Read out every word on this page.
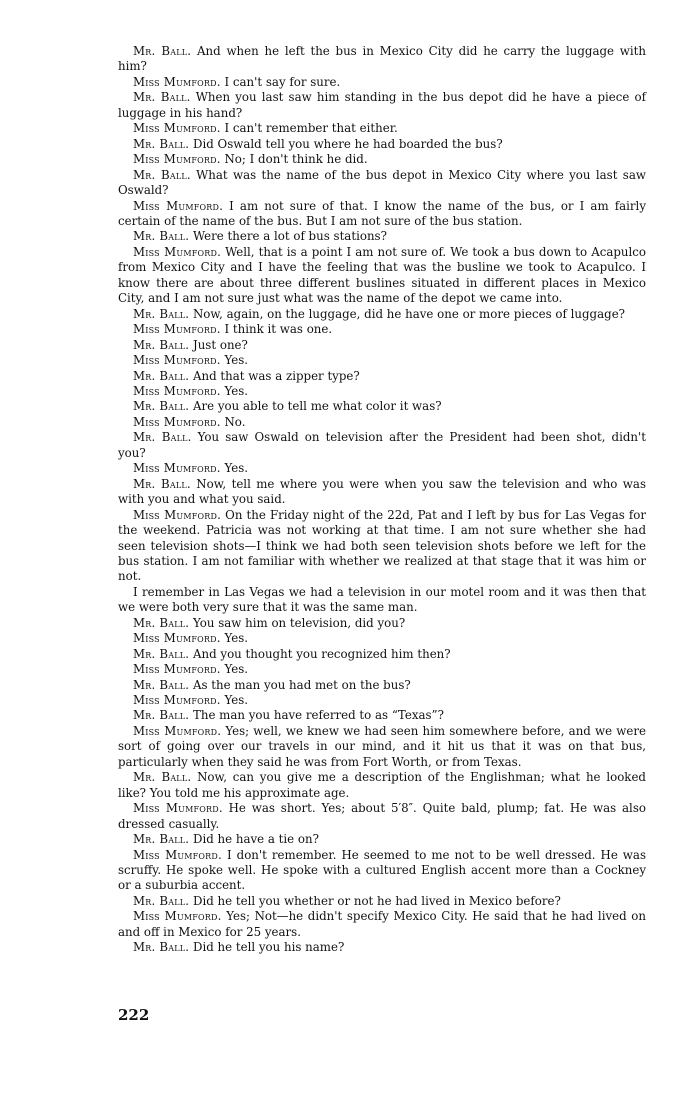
Mr. Ball. And when he left the bus in Mexico City did he carry the luggage with him?

Miss Mumford. I can't say for sure.

Mr. Ball. When you last saw him standing in the bus depot did he have a piece of luggage in his hand?

Miss Mumford. I can't remember that either.

Mr. Ball. Did Oswald tell you where he had boarded the bus?

Miss Mumford. No; I don't think he did.

Mr. Ball. What was the name of the bus depot in Mexico City where you last saw Oswald?

Miss Mumford. I am not sure of that. I know the name of the bus, or I am fairly certain of the name of the bus. But I am not sure of the bus station.

Mr. Ball. Were there a lot of bus stations?

Miss Mumford. Well, that is a point I am not sure of. We took a bus down to Acapulco from Mexico City and I have the feeling that was the busline we took to Acapulco. I know there are about three different buslines situated in different places in Mexico City, and I am not sure just what was the name of the depot we came into.

Mr. Ball. Now, again, on the luggage, did he have one or more pieces of luggage?

Miss Mumford. I think it was one.

Mr. Ball. Just one?

Miss Mumford. Yes.

Mr. Ball. And that was a zipper type?

Miss Mumford. Yes.

Mr. Ball. Are you able to tell me what color it was?

Miss Mumford. No.

Mr. Ball. You saw Oswald on television after the President had been shot, didn't you?

Miss Mumford. Yes.

Mr. Ball. Now, tell me where you were when you saw the television and who was with you and what you said.

Miss Mumford. On the Friday night of the 22d, Pat and I left by bus for Las Vegas for the weekend. Patricia was not working at that time. I am not sure whether she had seen television shots—I think we had both seen television shots before we left for the bus station. I am not familiar with whether we realized at that stage that it was him or not.

I remember in Las Vegas we had a television in our motel room and it was then that we were both very sure that it was the same man.

Mr. Ball. You saw him on television, did you?

Miss Mumford. Yes.

Mr. Ball. And you thought you recognized him then?

Miss Mumford. Yes.

Mr. Ball. As the man you had met on the bus?

Miss Mumford. Yes.

Mr. Ball. The man you have referred to as “Texas”?

Miss Mumford. Yes; well, we knew we had seen him somewhere before, and we were sort of going over our travels in our mind, and it hit us that it was on that bus, particularly when they said he was from Fort Worth, or from Texas.

Mr. Ball. Now, can you give me a description of the Englishman; what he looked like? You told me his approximate age.

Miss Mumford. He was short. Yes; about 5′8″. Quite bald, plump; fat. He was also dressed casually.

Mr. Ball. Did he have a tie on?

Miss Mumford. I don't remember. He seemed to me not to be well dressed. He was scruffy. He spoke well. He spoke with a cultured English accent more than a Cockney or a suburbia accent.

Mr. Ball. Did he tell you whether or not he had lived in Mexico before?

Miss Mumford. Yes; Not—he didn't specify Mexico City. He said that he had lived on and off in Mexico for 25 years.

Mr. Ball. Did he tell you his name?

222
